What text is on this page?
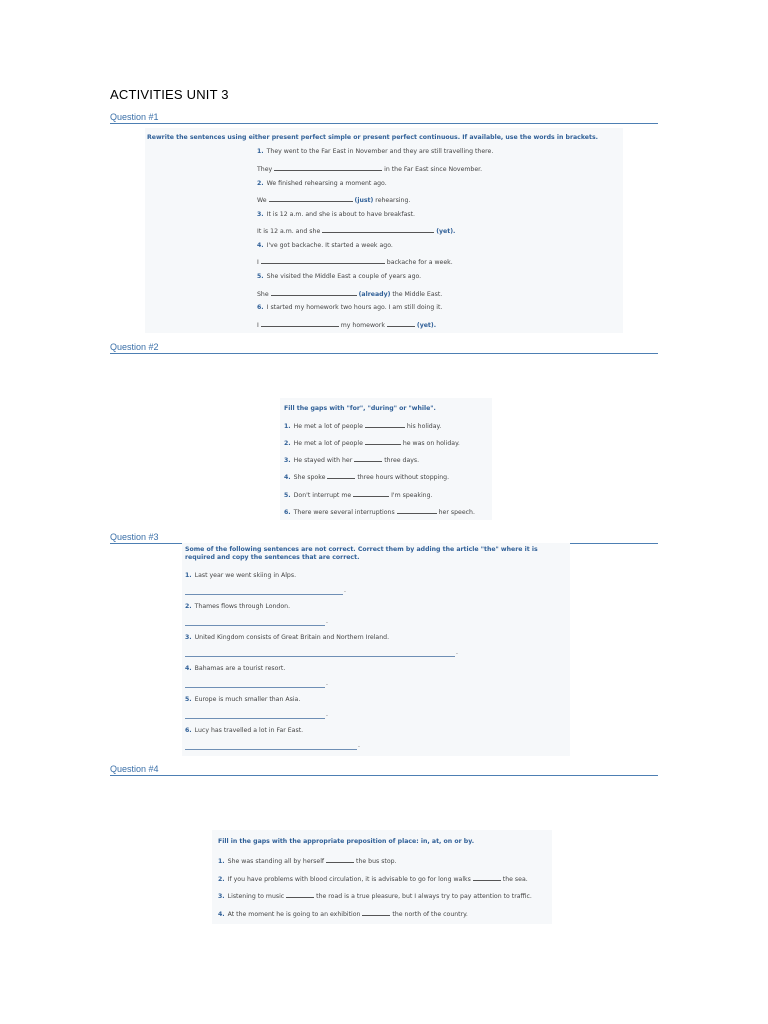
ACTIVITIES UNIT 3
Question #1
Rewrite the sentences using either present perfect simple or present perfect continuous. If available, use the words in brackets.
1. They went to the Far East in November and they are still travelling there.
They	in the Far East since November.
2. We finished rehearsing a moment ago.
We	(just) rehearsing.
3. It is 12 a.m. and she is about to have breakfast.
It is 12 a.m. and she	(yet).
4. I've got backache. It started a week ago.
I	backache for a week.
5. She visited the Middle East a couple of years ago.
She	(already) the Middle East.
6. I started my homework two hours ago. I am still doing it.
I	my homework	(yet).
Question #2
Fill the gaps with "for", "during" or "while".
1. He met a lot of people	his holiday.
2. He met a lot of people	he was on holiday.
3. He stayed with her	three days.
4. She spoke	three hours without stopping.
5. Don't interrupt me	I'm speaking.
6. There were several interruptions	her speech.
Question #3
Some of the following sentences are not correct. Correct them by adding the article "the" where it is
required and copy the sentences that are correct.
1. Last year we went skiing in Alps.
.
2. Thames flows through London.
.
3. United Kingdom consists of Great Britain and Northern Ireland.
.
4. Bahamas are a tourist resort.
.
5. Europe is much smaller than Asia.
.
6. Lucy has travelled a lot in Far East.
.
Question #4
Fill in the gaps with the appropriate preposition of place: in, at, on or by.
1. She was standing all by herself	the bus stop.
2. If you have problems with blood circulation, it is advisable to go for long walks	the sea.
3. Listening to music	the road is a true pleasure, but I always try to pay attention to traffic.
4. At the moment he is going to an exhibition	the north of the country.
